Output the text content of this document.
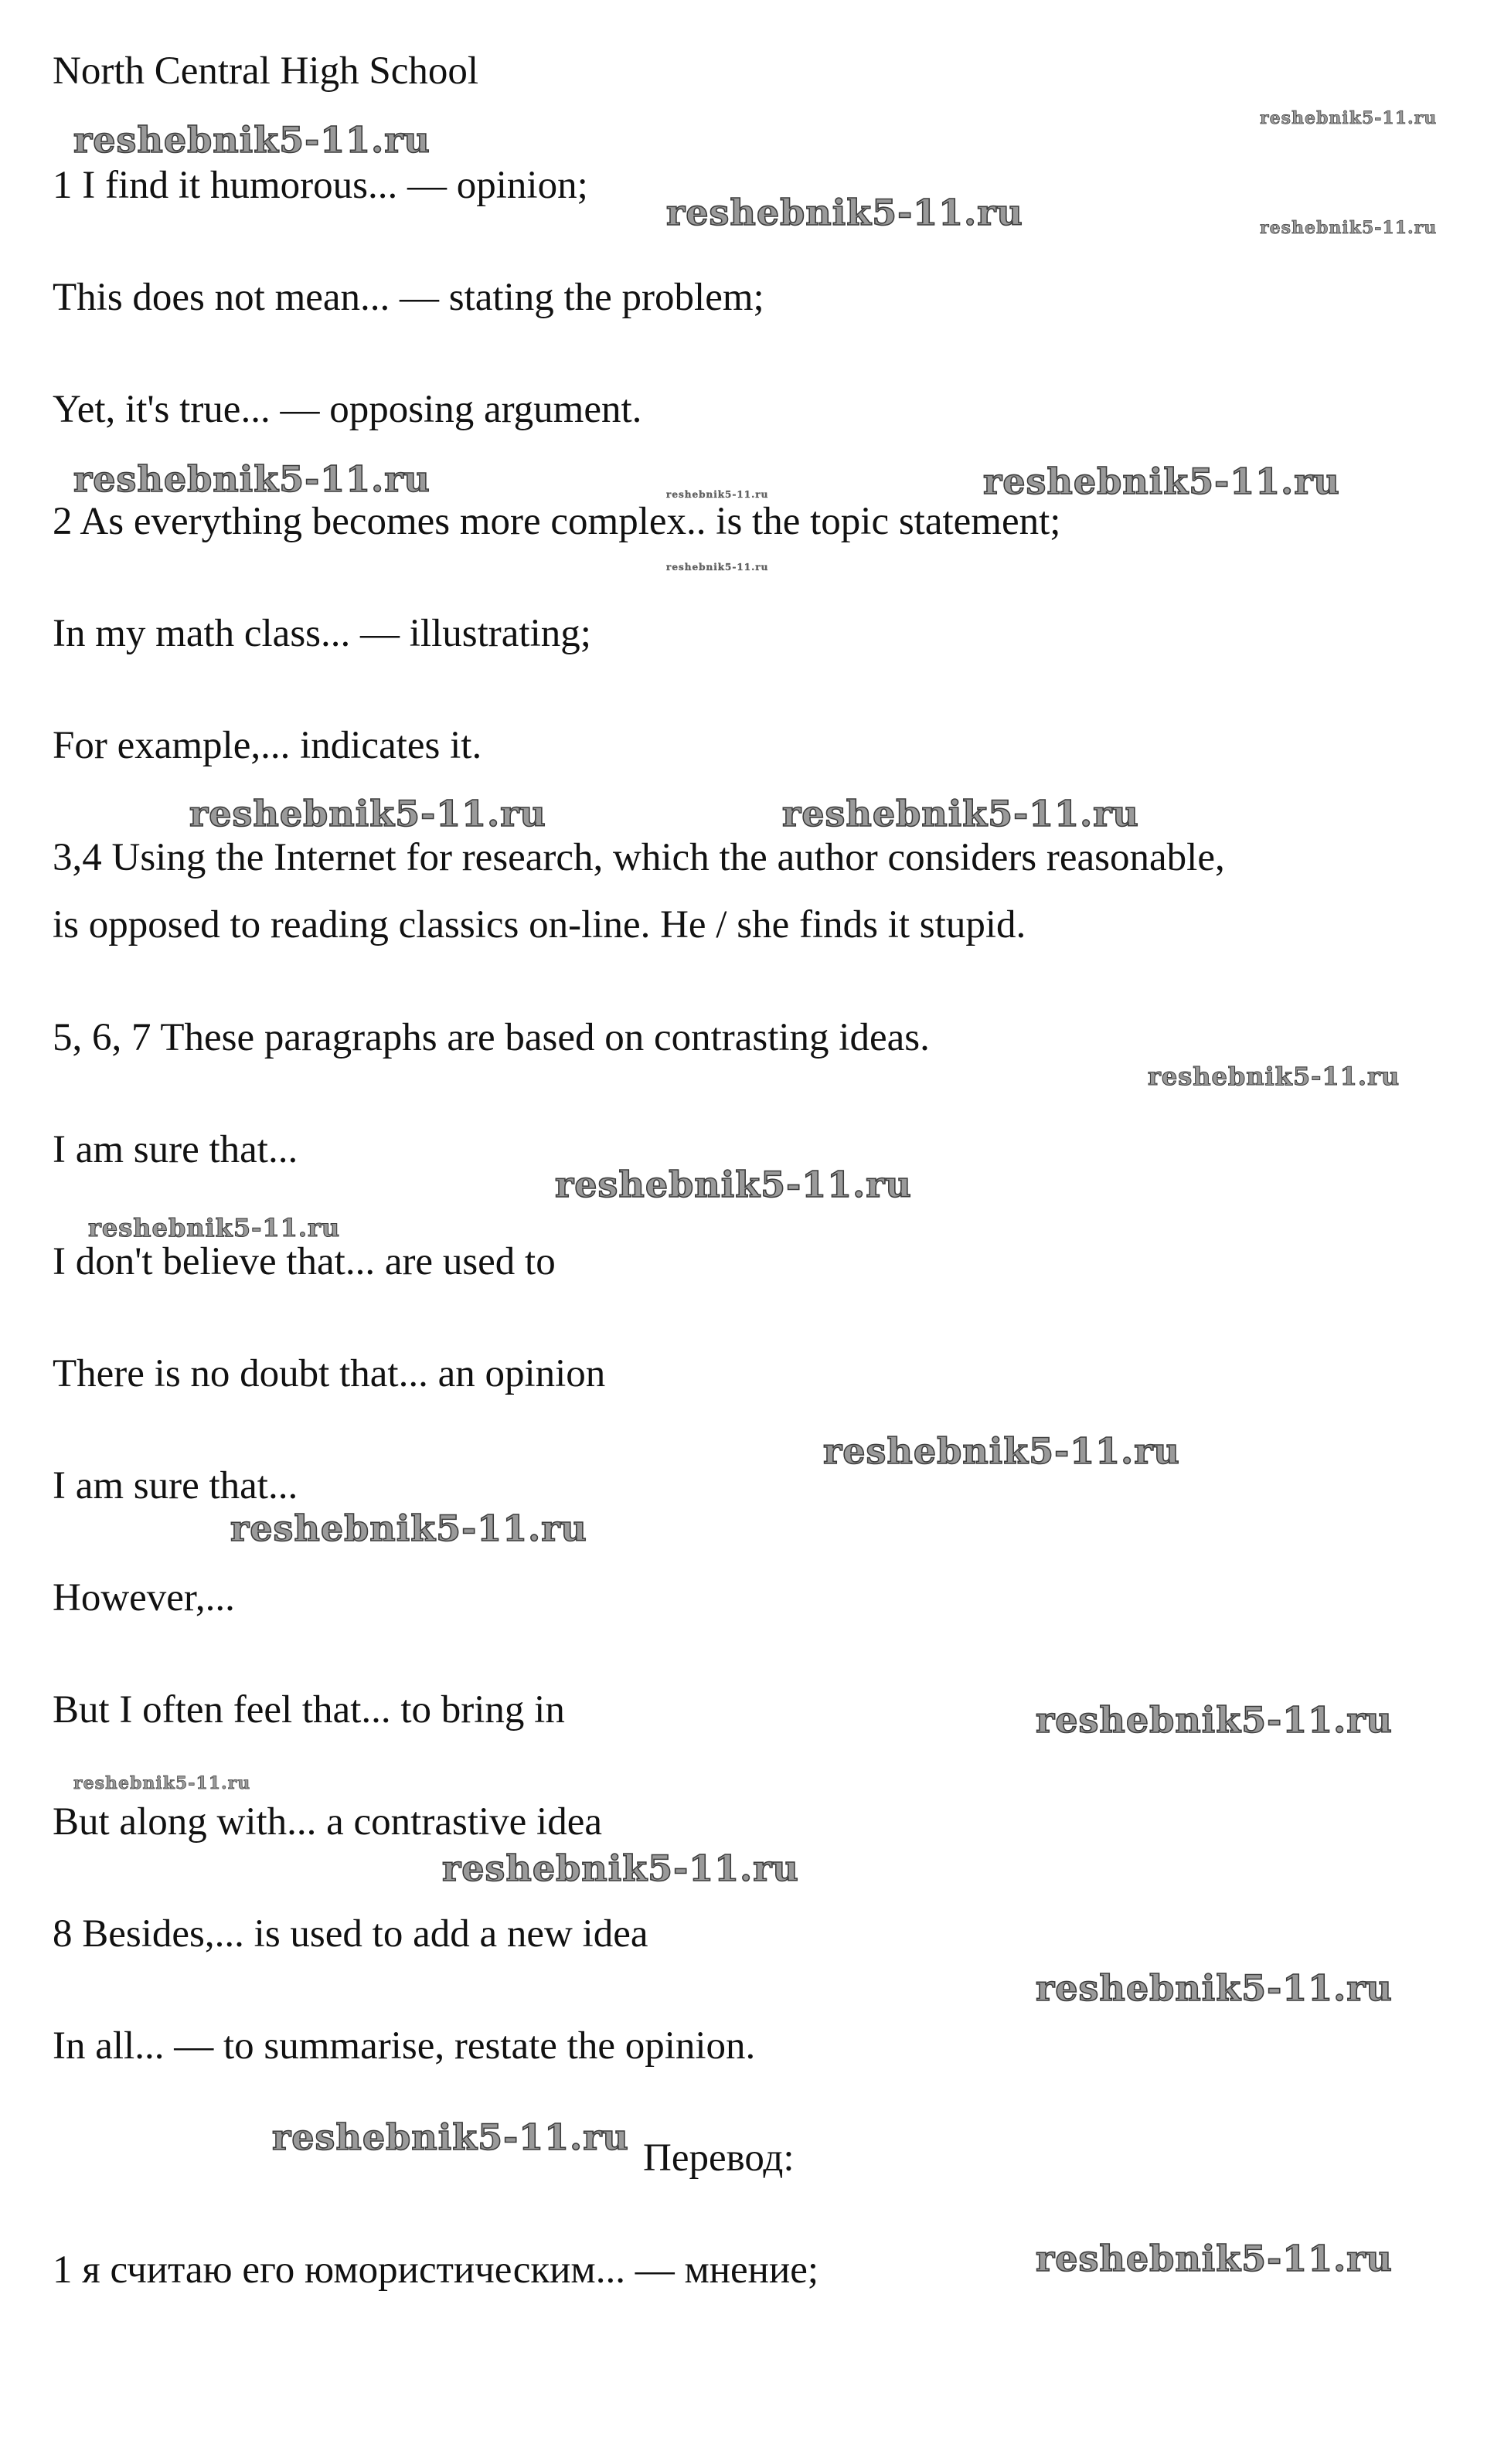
North Central High School

1 I find it humorous... — opinion;

This does not mean... — stating the problem;

Yet, it's true... — opposing argument.

2 As everything becomes more complex.. is the topic statement;

In my math class... — illustrating;

For example,... indicates it.

3,4 Using the Internet for research, which the author considers reasonable,

is opposed to reading classics on-line. He / she finds it stupid.

5, 6, 7 These paragraphs are based on contrasting ideas.

I am sure that...

I don't believe that... are used to

There is no doubt that... an opinion

I am sure that...

However,...

But I often feel that... to bring in

But along with... a contrastive idea

8 Besides,... is used to add a new idea

In all... — to summarise, restate the opinion.

Перевод:

1 я считаю его юмористическим... — мнение;

reshebnik5-11.ru
reshebnik5-11.ru
reshebnik5-11.ru	reshebnik5-11.ru
reshebnik5-11.ru	reshebnik5-11.ru	reshebnik5-11.ru
reshebnik5-11.ru
reshebnik5-11.ru	reshebnik5-11.ru
reshebnik5-11.ru
reshebnik5-11.ru
reshebnik5-11.ru
reshebnik5-11.ru
reshebnik5-11.ru
reshebnik5-11.ru
reshebnik5-11.ru
reshebnik5-11.ru
reshebnik5-11.ru
reshebnik5-11.ru
reshebnik5-11.ru
